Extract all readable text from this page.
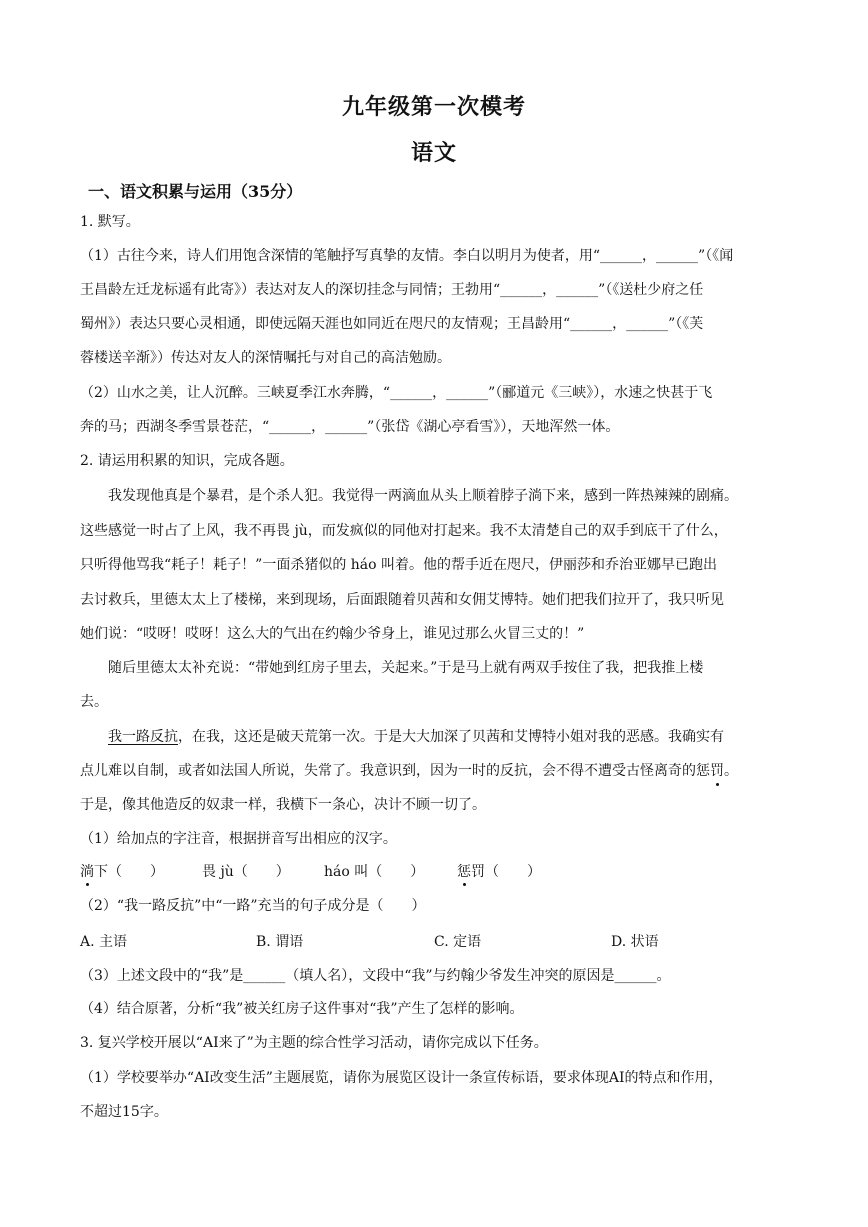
九年级第一次模考
语文
一、语文积累与运用（35分）
1. 默写。
（1）古往今来，诗人们用饱含深情的笔触抒写真挚的友情。李白以明月为使者，用“______，______”（《闻
王昌龄左迁龙标遥有此寄》）表达对友人的深切挂念与同情；王勃用“______，______”（《送杜少府之任
蜀州》）表达只要心灵相通，即使远隔天涯也如同近在咫尺的友情观；王昌龄用“______，______”（《芙
蓉楼送辛渐》）传达对友人的深情嘱托与对自己的高洁勉励。
（2）山水之美，让人沉醉。三峡夏季江水奔腾，“______，______”（郦道元《三峡》），水速之快甚于飞
奔的马；西湖冬季雪景苍茫，“______，______”（张岱《湖心亭看雪》），天地浑然一体。
2. 请运用积累的知识，完成各题。
我发现他真是个暴君，是个杀人犯。我觉得一两滴血从头上顺着脖子淌下来，感到一阵热辣辣的剧痛。
这些感觉一时占了上风，我不再畏 jù，而发疯似的同他对打起来。我不太清楚自己的双手到底干了什么，
只听得他骂我“耗子！耗子！”一面杀猪似的 háo 叫着。他的帮手近在咫尺，伊丽莎和乔治亚娜早已跑出
去讨救兵，里德太太上了楼梯，来到现场，后面跟随着贝茜和女佣艾博特。她们把我们拉开了，我只听见
她们说：“哎呀！哎呀！这么大的气出在约翰少爷身上，谁见过那么火冒三丈的！”
随后里德太太补充说：“带她到红房子里去，关起来。”于是马上就有两双手按住了我，把我推上楼
去。
我一路反抗，在我，这还是破天荒第一次。于是大大加深了贝茜和艾博特小姐对我的恶感。我确实有
点儿难以自制，或者如法国人所说，失常了。我意识到，因为一时的反抗，会不得不遭受古怪离奇的惩罚。
于是，像其他造反的奴隶一样，我横下一条心，决计不顾一切了。
（1）给加点的字注音，根据拼音写出相应的汉字。
淌下（　　）	畏 jù（　　） háo 叫（　　） 惩罚（　　）
（2）“我一路反抗”中“一路”充当的句子成分是（　　）
A. 主语	B. 谓语	C. 定语	D. 状语
（3）上述文段中的“我”是______（填人名），文段中“我”与约翰少爷发生冲突的原因是______。
（4）结合原著，分析“我”被关红房子这件事对“我”产生了怎样的影响。
3. 复兴学校开展以“AI来了”为主题的综合性学习活动，请你完成以下任务。
（1）学校要举办“AI改变生活”主题展览，请你为展览区设计一条宣传标语，要求体现AI的特点和作用，
不超过15字。
